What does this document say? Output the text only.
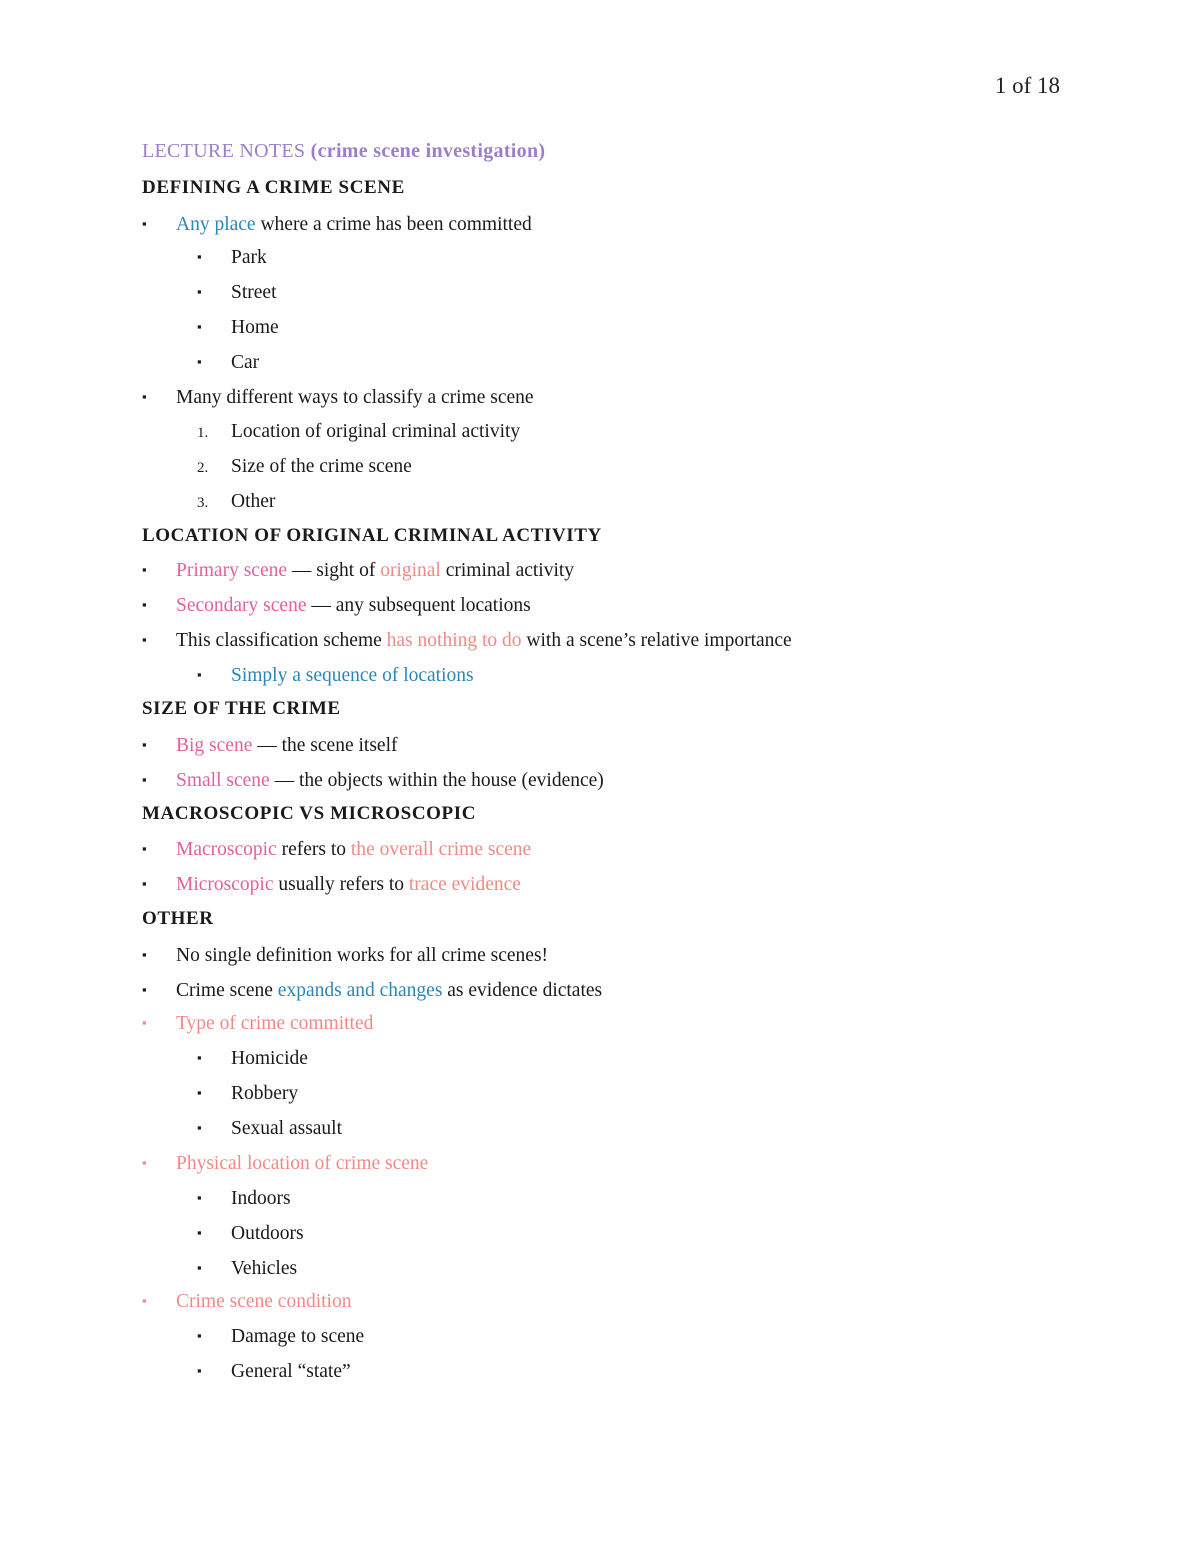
1 of 18
LECTURE NOTES (crime scene investigation)
DEFINING A CRIME SCENE
▪ Any place where a crime has been committed
▪ Park
▪ Street
▪ Home
▪ Car
▪ Many different ways to classify a crime scene
1. Location of original criminal activity
2. Size of the crime scene
3. Other
LOCATION OF ORIGINAL CRIMINAL ACTIVITY
▪ Primary scene — sight of original criminal activity
▪ Secondary scene — any subsequent locations
▪ This classification scheme has nothing to do with a scene’s relative importance
▪ Simply a sequence of locations
SIZE OF THE CRIME
▪ Big scene — the scene itself
▪ Small scene — the objects within the house (evidence)
MACROSCOPIC VS MICROSCOPIC
▪ Macroscopic refers to the overall crime scene
▪ Microscopic usually refers to trace evidence
OTHER
▪ No single definition works for all crime scenes!
▪ Crime scene expands and changes as evidence dictates
▪ Type of crime committed
▪ Homicide
▪ Robbery
▪ Sexual assault
▪ Physical location of crime scene
▪ Indoors
▪ Outdoors
▪ Vehicles
▪ Crime scene condition
▪ Damage to scene
▪ General “state”
